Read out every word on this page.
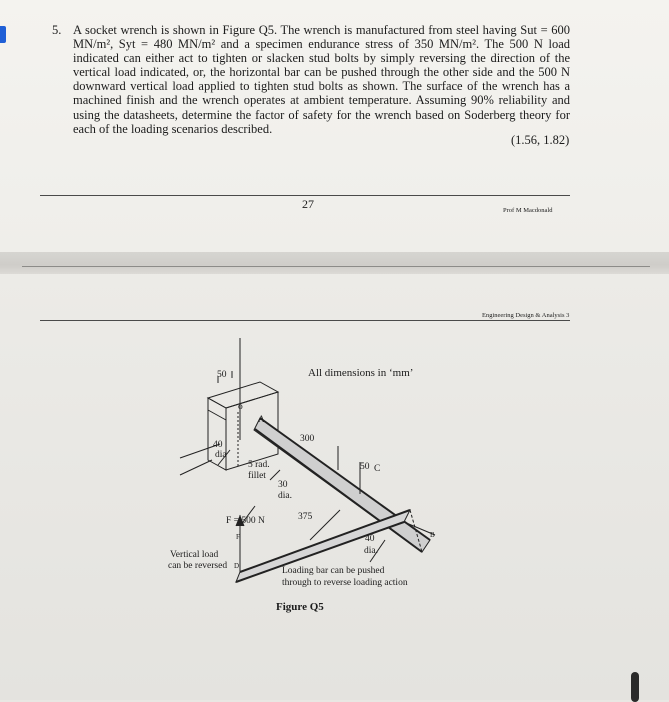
5. A socket wrench is shown in Figure Q5. The wrench is manufactured from steel having Sut = 600 MN/m², Syt = 480 MN/m² and a specimen endurance stress of 350 MN/m². The 500 N load indicated can either act to tighten or slacken stud bolts by simply reversing the direction of the vertical load indicated, or, the horizontal bar can be pushed through the other side and the 500 N downward vertical load applied to tighten stud bolts as shown. The surface of the wrench has a machined finish and the wrench operates at ambient temperature. Assuming 90% reliability and using the datasheets, determine the factor of safety for the wrench based on Soderberg theory for each of the loading scenarios described.

(1.56, 1.82)
27	Prof M Macdonald
Engineering Design & Analysis 3
All dimensions in ‘mm’
50
40
dia
o
A
5 rad.
fillet
30
dia.
300
50 C
375
40
dia.
F = 500 N
F
Vertical load
can be reversed D
B
Loading bar can be pushed
through to reverse loading action
Figure Q5
